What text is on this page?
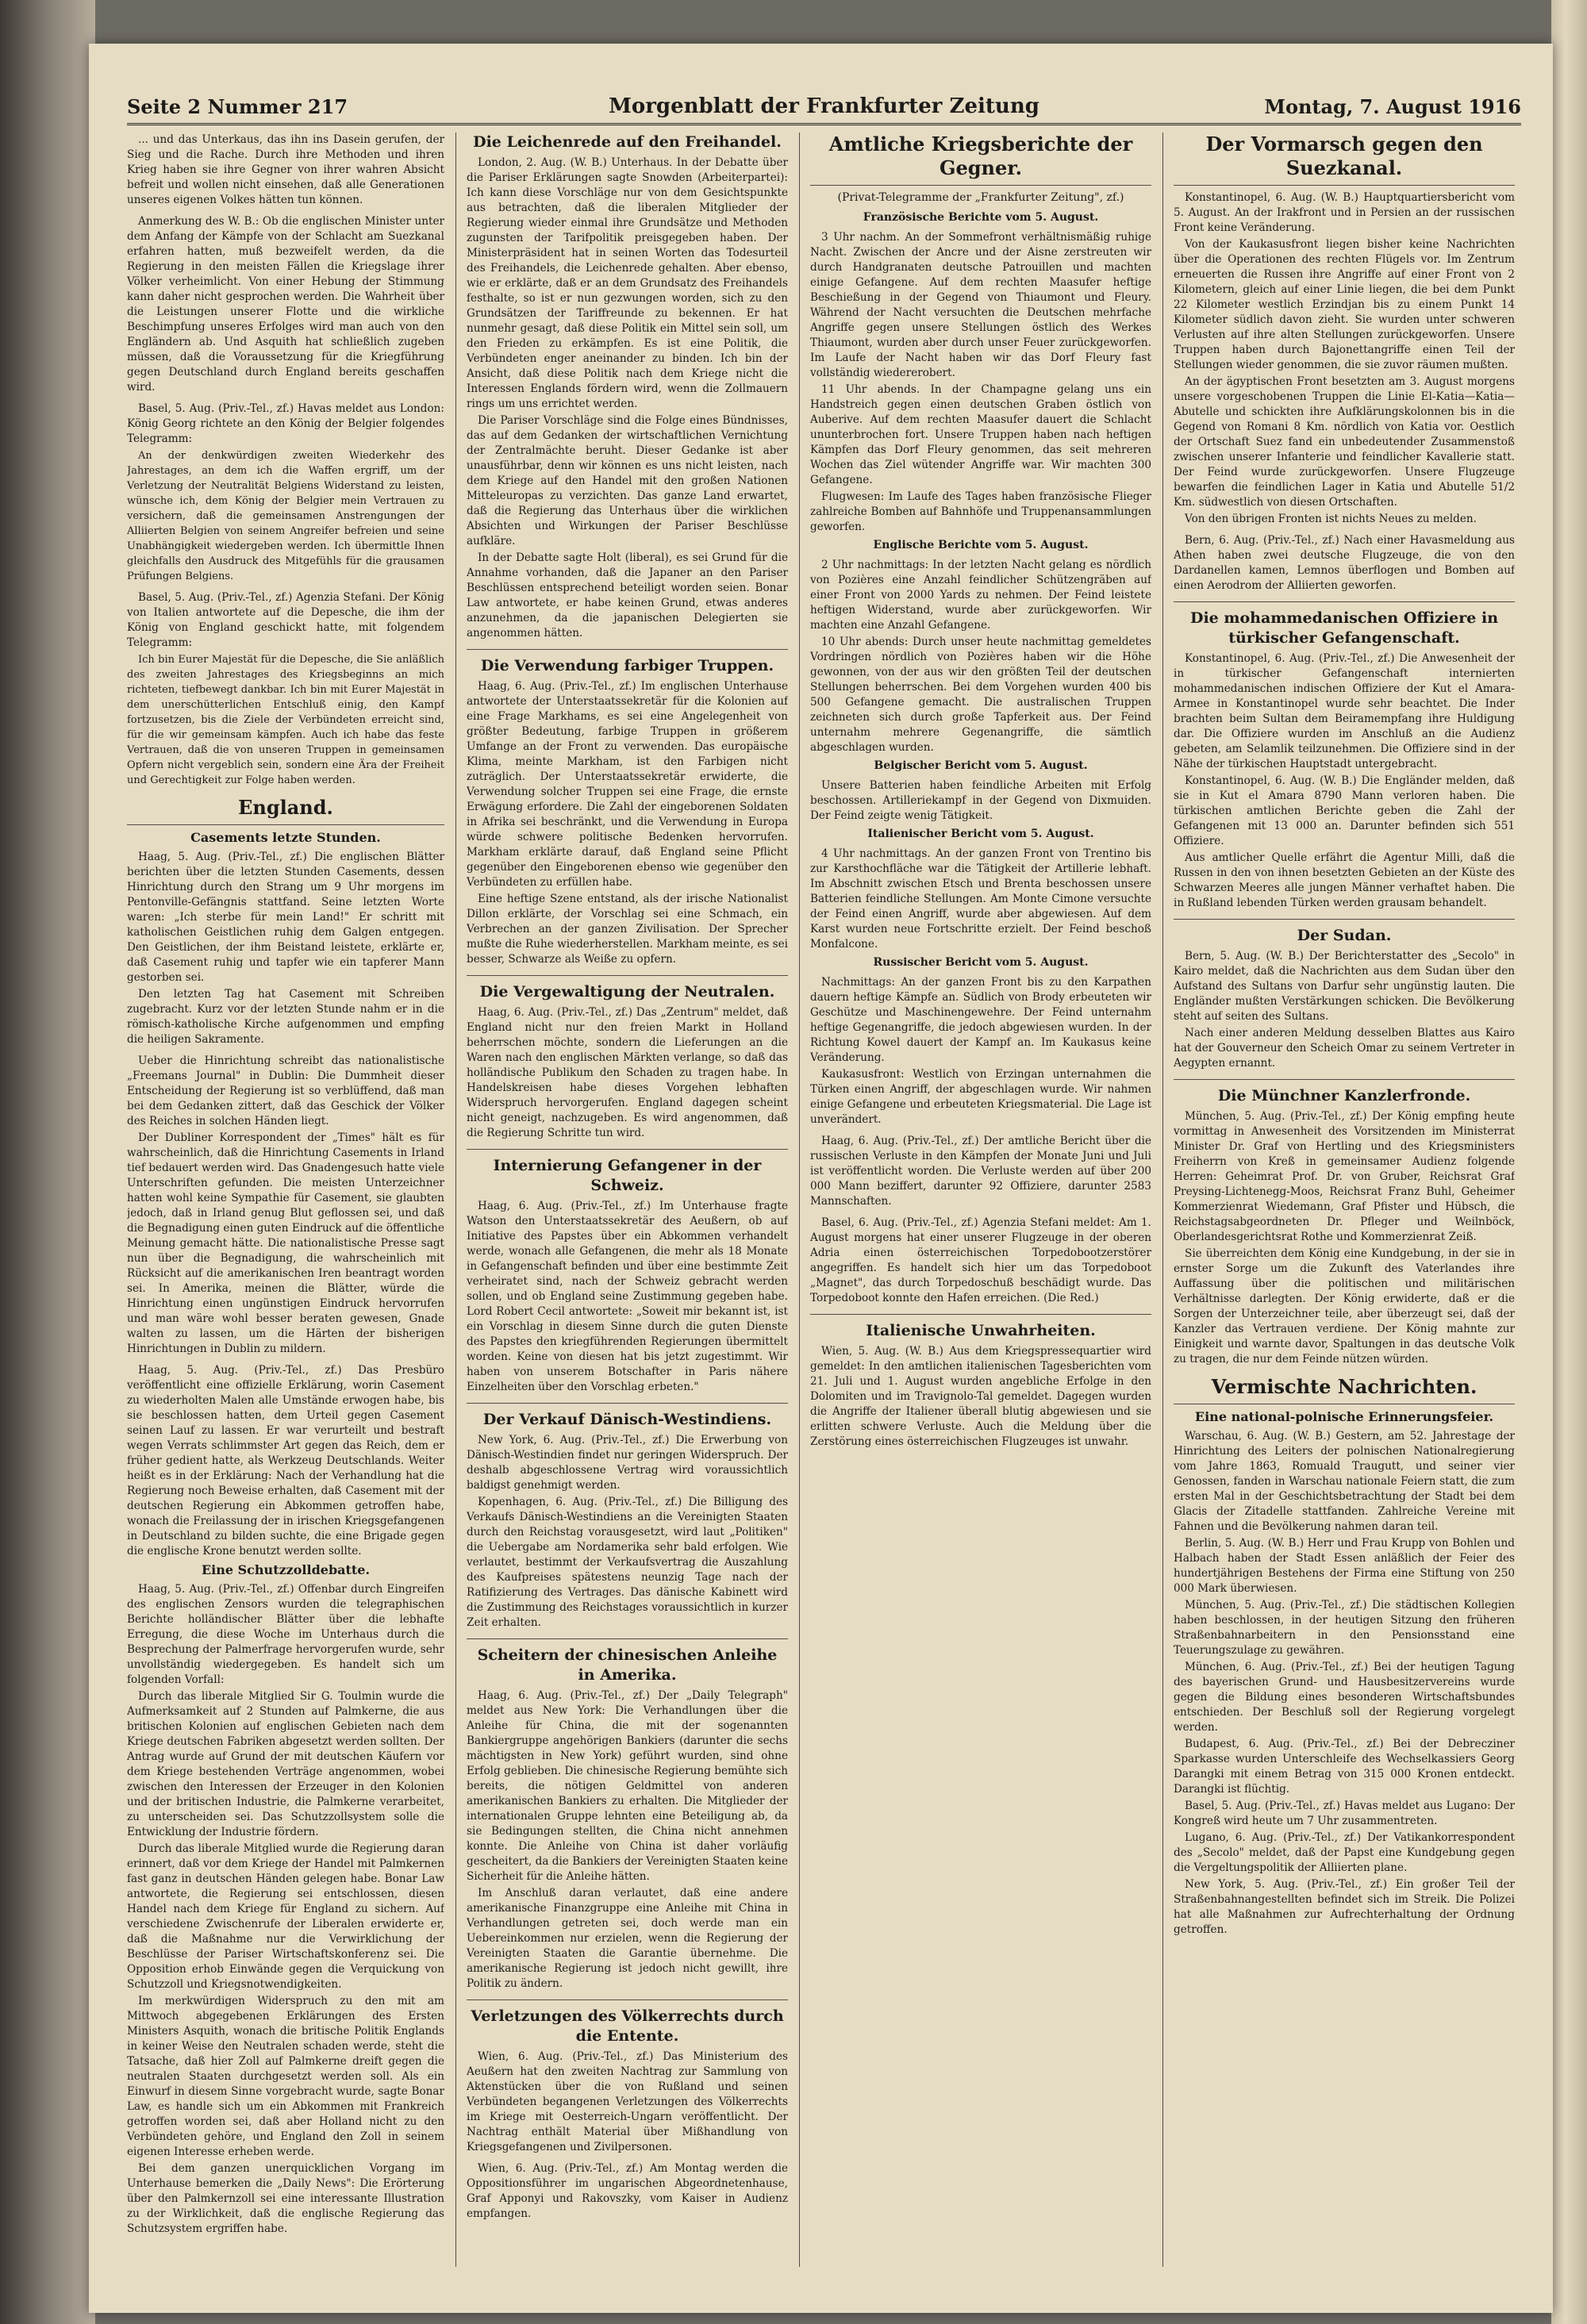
Seite 2 Nummer 217	Morgenblatt der Frankfurter Zeitung	Montag, 7. August 1916

... und das Unterkaus, das ihn ins Dasein gerufen, der Sieg und die Rache. Durch ihre Methoden und ihren Krieg haben sie ihre Gegner von ihrer wahren Absicht befreit und wollen nicht einsehen, daß alle Generationen unseres eigenen Volkes hätten tun können.

Anmerkung des W. B.: Ob die englischen Minister unter dem Anfang der Kämpfe von der Schlacht am Suezkanal erfahren hatten, muß bezweifelt werden, da die Regierung in den meisten Fällen die Kriegslage ihrer Völker verheimlicht. Von einer Hebung der Stimmung kann daher nicht gesprochen werden. Die Wahrheit über die Leistungen unserer Flotte und die wirkliche Beschimpfung unseres Erfolges wird man auch von den Engländern ab. Und Asquith hat schließlich zugeben müssen, daß die Voraussetzung für die Kriegführung gegen Deutschland durch England bereits geschaffen wird.

Basel, 5. Aug. (Priv.-Tel., zf.) Havas meldet aus London: König Georg richtete an den König der Belgier folgendes Telegramm:

An der denkwürdigen zweiten Wiederkehr des Jahrestages, an dem ich die Waffen ergriff, um der Verletzung der Neutralität Belgiens Widerstand zu leisten, wünsche ich, dem König der Belgier mein Vertrauen zu versichern, daß die gemeinsamen Anstrengungen der Alliierten Belgien von seinem Angreifer befreien und seine Unabhängigkeit wiedergeben werden. Ich übermittle Ihnen gleichfalls den Ausdruck des Mitgefühls für die grausamen Prüfungen Belgiens.

Basel, 5. Aug. (Priv.-Tel., zf.) Agenzia Stefani. Der König von Italien antwortete auf die Depesche, die ihm der König von England geschickt hatte, mit folgendem Telegramm:

Ich bin Eurer Majestät für die Depesche, die Sie anläßlich des zweiten Jahrestages des Kriegsbeginns an mich richteten, tiefbewegt dankbar. Ich bin mit Eurer Majestät in dem unerschütterlichen Entschluß einig, den Kampf fortzusetzen, bis die Ziele der Verbündeten erreicht sind, für die wir gemeinsam kämpfen. Auch ich habe das feste Vertrauen, daß die von unseren Truppen in gemeinsamen Opfern nicht vergeblich sein, sondern eine Ära der Freiheit und Gerechtigkeit zur Folge haben werden.

England.
Casements letzte Stunden.

Haag, 5. Aug. (Priv.-Tel., zf.) Die englischen Blätter berichten über die letzten Stunden Casements, dessen Hinrichtung durch den Strang um 9 Uhr morgens im Pentonville-Gefängnis stattfand. Seine letzten Worte waren: „Ich sterbe für mein Land!" Er schritt mit katholischen Geistlichen ruhig dem Galgen entgegen. Den Geistlichen, der ihm Beistand leistete, erklärte er, daß Casement ruhig und tapfer wie ein tapferer Mann gestorben sei.

Den letzten Tag hat Casement mit Schreiben zugebracht. Kurz vor der letzten Stunde nahm er in die römisch-katholische Kirche aufgenommen und empfing die heiligen Sakramente.

Ueber die Hinrichtung schreibt das nationalistische „Freemans Journal" in Dublin: Die Dummheit dieser Entscheidung der Regierung ist so verblüffend, daß man bei dem Gedanken zittert, daß das Geschick der Völker des Reiches in solchen Händen liegt.

Der Dubliner Korrespondent der „Times" hält es für wahrscheinlich, daß die Hinrichtung Casements in Irland tief bedauert werden wird. Das Gnadengesuch hatte viele Unterschriften gefunden. Die meisten Unterzeichner hatten wohl keine Sympathie für Casement, sie glaubten jedoch, daß in Irland genug Blut geflossen sei, und daß die Begnadigung einen guten Eindruck auf die öffentliche Meinung gemacht hätte. Die nationalistische Presse sagt nun über die Begnadigung, die wahrscheinlich mit Rücksicht auf die amerikanischen Iren beantragt worden sei. In Amerika, meinen die Blätter, würde die Hinrichtung einen ungünstigen Eindruck hervorrufen und man wäre wohl besser beraten gewesen, Gnade walten zu lassen, um die Härten der bisherigen Hinrichtungen in Dublin zu mildern.

Haag, 5. Aug. (Priv.-Tel., zf.) Das Presbüro veröffentlicht eine offizielle Erklärung, worin Casement zu wiederholten Malen alle Umstände erwogen habe, bis sie beschlossen hatten, dem Urteil gegen Casement seinen Lauf zu lassen. Er war verurteilt und bestraft wegen Verrats schlimmster Art gegen das Reich, dem er früher gedient hatte, als Werkzeug Deutschlands. Weiter heißt es in der Erklärung: Nach der Verhandlung hat die Regierung noch Beweise erhalten, daß Casement mit der deutschen Regierung ein Abkommen getroffen habe, wonach die Freilassung der in irischen Kriegsgefangenen in Deutschland zu bilden suchte, die eine Brigade gegen die englische Krone benutzt werden sollte.

Eine Schutzzolldebatte.

Haag, 5. Aug. (Priv.-Tel., zf.) Offenbar durch Eingreifen des englischen Zensors wurden die telegraphischen Berichte holländischer Blätter über die lebhafte Erregung, die diese Woche im Unterhaus durch die Besprechung der Palmerfrage hervorgerufen wurde, sehr unvollständig wiedergegeben. Es handelt sich um folgenden Vorfall:

Durch das liberale Mitglied Sir G. Toulmin wurde die Aufmerksamkeit auf 2 Stunden auf Palmkerne, die aus britischen Kolonien auf englischen Gebieten nach dem Kriege deutschen Fabriken abgesetzt werden sollten. Der Antrag wurde auf Grund der mit deutschen Käufern vor dem Kriege bestehenden Verträge angenommen, wobei zwischen den Interessen der Erzeuger in den Kolonien und der britischen Industrie, die Palmkerne verarbeitet, zu unterscheiden sei. Das Schutzzollsystem solle die Entwicklung der Industrie fördern.

Durch das liberale Mitglied wurde die Regierung daran erinnert, daß vor dem Kriege der Handel mit Palmkernen fast ganz in deutschen Händen gelegen habe. Bonar Law antwortete, die Regierung sei entschlossen, diesen Handel nach dem Kriege für England zu sichern. Auf verschiedene Zwischenrufe der Liberalen erwiderte er, daß die Maßnahme nur die Verwirklichung der Beschlüsse der Pariser Wirtschaftskonferenz sei. Die Opposition erhob Einwände gegen die Verquickung von Schutzzoll und Kriegsnotwendigkeiten.

Im merkwürdigen Widerspruch zu den mit am Mittwoch abgegebenen Erklärungen des Ersten Ministers Asquith, wonach die britische Politik Englands in keiner Weise den Neutralen schaden werde, steht die Tatsache, daß hier Zoll auf Palmkerne dreift gegen die neutralen Staaten durchgesetzt werden soll. Als ein Einwurf in diesem Sinne vorgebracht wurde, sagte Bonar Law, es handle sich um ein Abkommen mit Frankreich getroffen worden sei, daß aber Holland nicht zu den Verbündeten gehöre, und England den Zoll in seinem eigenen Interesse erheben werde.

Bei dem ganzen unerquicklichen Vorgang im Unterhause bemerken die „Daily News": Die Erörterung über den Palmkernzoll sei eine interessante Illustration zu der Wirklichkeit, daß die englische Regierung das Schutzsystem ergriffen habe.

Die Leichenrede auf den Freihandel.

London, 2. Aug. (W. B.) Unterhaus. In der Debatte über die Pariser Erklärungen sagte Snowden (Arbeiterpartei): Ich kann diese Vorschläge nur von dem Gesichtspunkte aus betrachten, daß die liberalen Mitglieder der Regierung wieder einmal ihre Grundsätze und Methoden zugunsten der Tarifpolitik preisgegeben haben. Der Ministerpräsident hat in seinen Worten das Todesurteil des Freihandels, die Leichenrede gehalten. Aber ebenso, wie er erklärte, daß er an dem Grundsatz des Freihandels festhalte, so ist er nun gezwungen worden, sich zu den Grundsätzen der Tariffreunde zu bekennen. Er hat nunmehr gesagt, daß diese Politik ein Mittel sein soll, um den Frieden zu erkämpfen. Es ist eine Politik, die Verbündeten enger aneinander zu binden. Ich bin der Ansicht, daß diese Politik nach dem Kriege nicht die Interessen Englands fördern wird, wenn die Zollmauern rings um uns errichtet werden.

Die Pariser Vorschläge sind die Folge eines Bündnisses, das auf dem Gedanken der wirtschaftlichen Vernichtung der Zentralmächte beruht. Dieser Gedanke ist aber unausführbar, denn wir können es uns nicht leisten, nach dem Kriege auf den Handel mit den großen Nationen Mitteleuropas zu verzichten. Das ganze Land erwartet, daß die Regierung das Unterhaus über die wirklichen Absichten und Wirkungen der Pariser Beschlüsse aufkläre.

In der Debatte sagte Holt (liberal), es sei Grund für die Annahme vorhanden, daß die Japaner an den Pariser Beschlüssen entsprechend beteiligt worden seien. Bonar Law antwortete, er habe keinen Grund, etwas anderes anzunehmen, da die japanischen Delegierten sie angenommen hätten.

Die Verwendung farbiger Truppen.

Haag, 6. Aug. (Priv.-Tel., zf.) Im englischen Unterhause antwortete der Unterstaatssekretär für die Kolonien auf eine Frage Markhams, es sei eine Angelegenheit von größter Bedeutung, farbige Truppen in größerem Umfange an der Front zu verwenden. Das europäische Klima, meinte Markham, ist den Farbigen nicht zuträglich. Der Unterstaatssekretär erwiderte, die Verwendung solcher Truppen sei eine Frage, die ernste Erwägung erfordere. Die Zahl der eingeborenen Soldaten in Afrika sei beschränkt, und die Verwendung in Europa würde schwere politische Bedenken hervorrufen. Markham erklärte darauf, daß England seine Pflicht gegenüber den Eingeborenen ebenso wie gegenüber den Verbündeten zu erfüllen habe.

Eine heftige Szene entstand, als der irische Nationalist Dillon erklärte, der Vorschlag sei eine Schmach, ein Verbrechen an der ganzen Zivilisation. Der Sprecher mußte die Ruhe wiederherstellen. Markham meinte, es sei besser, Schwarze als Weiße zu opfern.

Die Vergewaltigung der Neutralen.

Haag, 6. Aug. (Priv.-Tel., zf.) Das „Zentrum" meldet, daß England nicht nur den freien Markt in Holland beherrschen möchte, sondern die Lieferungen an die Waren nach den englischen Märkten verlange, so daß das holländische Publikum den Schaden zu tragen habe. In Handelskreisen habe dieses Vorgehen lebhaften Widerspruch hervorgerufen. England dagegen scheint nicht geneigt, nachzugeben. Es wird angenommen, daß die Regierung Schritte tun wird.

Internierung Gefangener in der Schweiz.

Haag, 6. Aug. (Priv.-Tel., zf.) Im Unterhause fragte Watson den Unterstaatssekretär des Aeußern, ob auf Initiative des Papstes über ein Abkommen verhandelt werde, wonach alle Gefangenen, die mehr als 18 Monate in Gefangenschaft befinden und über eine bestimmte Zeit verheiratet sind, nach der Schweiz gebracht werden sollen, und ob England seine Zustimmung gegeben habe. Lord Robert Cecil antwortete: „Soweit mir bekannt ist, ist ein Vorschlag in diesem Sinne durch die guten Dienste des Papstes den kriegführenden Regierungen übermittelt worden. Keine von diesen hat bis jetzt zugestimmt. Wir haben von unserem Botschafter in Paris nähere Einzelheiten über den Vorschlag erbeten."

Der Verkauf Dänisch-Westindiens.

New York, 6. Aug. (Priv.-Tel., zf.) Die Erwerbung von Dänisch-Westindien findet nur geringen Widerspruch. Der deshalb abgeschlossene Vertrag wird voraussichtlich baldigst genehmigt werden.

Kopenhagen, 6. Aug. (Priv.-Tel., zf.) Die Billigung des Verkaufs Dänisch-Westindiens an die Vereinigten Staaten durch den Reichstag vorausgesetzt, wird laut „Politiken" die Uebergabe am Nordamerika sehr bald erfolgen. Wie verlautet, bestimmt der Verkaufsvertrag die Auszahlung des Kaufpreises spätestens neunzig Tage nach der Ratifizierung des Vertrages. Das dänische Kabinett wird die Zustimmung des Reichstages voraussichtlich in kurzer Zeit erhalten.

Scheitern der chinesischen Anleihe in Amerika.

Haag, 6. Aug. (Priv.-Tel., zf.) Der „Daily Telegraph" meldet aus New York: Die Verhandlungen über die Anleihe für China, die mit der sogenannten Bankiergruppe angehörigen Bankiers (darunter die sechs mächtigsten in New York) geführt wurden, sind ohne Erfolg geblieben. Die chinesische Regierung bemühte sich bereits, die nötigen Geldmittel von anderen amerikanischen Bankiers zu erhalten. Die Mitglieder der internationalen Gruppe lehnten eine Beteiligung ab, da sie Bedingungen stellten, die China nicht annehmen konnte. Die Anleihe von China ist daher vorläufig gescheitert, da die Bankiers der Vereinigten Staaten keine Sicherheit für die Anleihe hätten.

Im Anschluß daran verlautet, daß eine andere amerikanische Finanzgruppe eine Anleihe mit China in Verhandlungen getreten sei, doch werde man ein Uebereinkommen nur erzielen, wenn die Regierung der Vereinigten Staaten die Garantie übernehme. Die amerikanische Regierung ist jedoch nicht gewillt, ihre Politik zu ändern.

Verletzungen des Völkerrechts durch die Entente.

Wien, 6. Aug. (Priv.-Tel., zf.) Das Ministerium des Aeußern hat den zweiten Nachtrag zur Sammlung von Aktenstücken über die von Rußland und seinen Verbündeten begangenen Verletzungen des Völkerrechts im Kriege mit Oesterreich-Ungarn veröffentlicht. Der Nachtrag enthält Material über Mißhandlung von Kriegsgefangenen und Zivilpersonen.

Wien, 6. Aug. (Priv.-Tel., zf.) Am Montag werden die Oppositionsführer im ungarischen Abgeordnetenhause, Graf Apponyi und Rakovszky, vom Kaiser in Audienz empfangen.

Amtliche Kriegsberichte der Gegner.
(Privat-Telegramme der „Frankfurter Zeitung", zf.)
Französische Berichte vom 5. August.

3 Uhr nachm. An der Sommefront verhältnismäßig ruhige Nacht. Zwischen der Ancre und der Aisne zerstreuten wir durch Handgranaten deutsche Patrouillen und machten einige Gefangene. Auf dem rechten Maasufer heftige Beschießung in der Gegend von Thiaumont und Fleury. Während der Nacht versuchten die Deutschen mehrfache Angriffe gegen unsere Stellungen östlich des Werkes Thiaumont, wurden aber durch unser Feuer zurückgeworfen. Im Laufe der Nacht haben wir das Dorf Fleury fast vollständig wiedererobert.

11 Uhr abends. In der Champagne gelang uns ein Handstreich gegen einen deutschen Graben östlich von Auberive. Auf dem rechten Maasufer dauert die Schlacht ununterbrochen fort. Unsere Truppen haben nach heftigen Kämpfen das Dorf Fleury genommen, das seit mehreren Wochen das Ziel wütender Angriffe war. Wir machten 300 Gefangene.

Flugwesen: Im Laufe des Tages haben französische Flieger zahlreiche Bomben auf Bahnhöfe und Truppenansammlungen geworfen.

Englische Berichte vom 5. August.

2 Uhr nachmittags: In der letzten Nacht gelang es nördlich von Pozières eine Anzahl feindlicher Schützengräben auf einer Front von 2000 Yards zu nehmen. Der Feind leistete heftigen Widerstand, wurde aber zurückgeworfen. Wir machten eine Anzahl Gefangene.

10 Uhr abends: Durch unser heute nachmittag gemeldetes Vordringen nördlich von Pozières haben wir die Höhe gewonnen, von der aus wir den größten Teil der deutschen Stellungen beherrschen. Bei dem Vorgehen wurden 400 bis 500 Gefangene gemacht. Die australischen Truppen zeichneten sich durch große Tapferkeit aus. Der Feind unternahm mehrere Gegenangriffe, die sämtlich abgeschlagen wurden.

Belgischer Bericht vom 5. August.

Unsere Batterien haben feindliche Arbeiten mit Erfolg beschossen. Artilleriekampf in der Gegend von Dixmuiden. Der Feind zeigte wenig Tätigkeit.

Italienischer Bericht vom 5. August.

4 Uhr nachmittags. An der ganzen Front von Trentino bis zur Karsthochfläche war die Tätigkeit der Artillerie lebhaft. Im Abschnitt zwischen Etsch und Brenta beschossen unsere Batterien feindliche Stellungen. Am Monte Cimone versuchte der Feind einen Angriff, wurde aber abgewiesen. Auf dem Karst wurden neue Fortschritte erzielt. Der Feind beschoß Monfalcone.

Russischer Bericht vom 5. August.

Nachmittags: An der ganzen Front bis zu den Karpathen dauern heftige Kämpfe an. Südlich von Brody erbeuteten wir Geschütze und Maschinengewehre. Der Feind unternahm heftige Gegenangriffe, die jedoch abgewiesen wurden. In der Richtung Kowel dauert der Kampf an. Im Kaukasus keine Veränderung.

Kaukasusfront: Westlich von Erzingan unternahmen die Türken einen Angriff, der abgeschlagen wurde. Wir nahmen einige Gefangene und erbeuteten Kriegsmaterial. Die Lage ist unverändert.

Haag, 6. Aug. (Priv.-Tel., zf.) Der amtliche Bericht über die russischen Verluste in den Kämpfen der Monate Juni und Juli ist veröffentlicht worden. Die Verluste werden auf über 200 000 Mann beziffert, darunter 92 Offiziere, darunter 2583 Mannschaften.

Basel, 6. Aug. (Priv.-Tel., zf.) Agenzia Stefani meldet: Am 1. August morgens hat einer unserer Flugzeuge in der oberen Adria einen österreichischen Torpedobootzerstörer angegriffen. Es handelt sich hier um das Torpedoboot „Magnet", das durch Torpedoschuß beschädigt wurde. Das Torpedoboot konnte den Hafen erreichen. (Die Red.)

Italienische Unwahrheiten.

Wien, 5. Aug. (W. B.) Aus dem Kriegspressequartier wird gemeldet: In den amtlichen italienischen Tagesberichten vom 21. Juli und 1. August wurden angebliche Erfolge in den Dolomiten und im Travignolo-Tal gemeldet. Dagegen wurden die Angriffe der Italiener überall blutig abgewiesen und sie erlitten schwere Verluste. Auch die Meldung über die Zerstörung eines österreichischen Flugzeuges ist unwahr.

Der Vormarsch gegen den Suezkanal.

Konstantinopel, 6. Aug. (W. B.) Hauptquartiersbericht vom 5. August. An der Irakfront und in Persien an der russischen Front keine Veränderung.

Von der Kaukasusfront liegen bisher keine Nachrichten über die Operationen des rechten Flügels vor. Im Zentrum erneuerten die Russen ihre Angriffe auf einer Front von 2 Kilometern, gleich auf einer Linie liegen, die bei dem Punkt 22 Kilometer westlich Erzindjan bis zu einem Punkt 14 Kilometer südlich davon zieht. Sie wurden unter schweren Verlusten auf ihre alten Stellungen zurückgeworfen. Unsere Truppen haben durch Bajonettangriffe einen Teil der Stellungen wieder genommen, die sie zuvor räumen mußten.

An der ägyptischen Front besetzten am 3. August morgens unsere vorgeschobenen Truppen die Linie El-Katia—Katia—Abutelle und schickten ihre Aufklärungskolonnen bis in die Gegend von Romani 8 Km. nördlich von Katia vor. Oestlich der Ortschaft Suez fand ein unbedeutender Zusammenstoß zwischen unserer Infanterie und feindlicher Kavallerie statt. Der Feind wurde zurückgeworfen. Unsere Flugzeuge bewarfen die feindlichen Lager in Katia und Abutelle 51/2 Km. südwestlich von diesen Ortschaften.

Von den übrigen Fronten ist nichts Neues zu melden.

Bern, 6. Aug. (Priv.-Tel., zf.) Nach einer Havasmeldung aus Athen haben zwei deutsche Flugzeuge, die von den Dardanellen kamen, Lemnos überflogen und Bomben auf einen Aerodrom der Alliierten geworfen.

Die mohammedanischen Offiziere in türkischer Gefangenschaft.

Konstantinopel, 6. Aug. (Priv.-Tel., zf.) Die Anwesenheit der in türkischer Gefangenschaft internierten mohammedanischen indischen Offiziere der Kut el Amara-Armee in Konstantinopel wurde sehr beachtet. Die Inder brachten beim Sultan dem Beiramempfang ihre Huldigung dar. Die Offiziere wurden im Anschluß an die Audienz gebeten, am Selamlik teilzunehmen. Die Offiziere sind in der Nähe der türkischen Hauptstadt untergebracht.

Konstantinopel, 6. Aug. (W. B.) Die Engländer melden, daß sie in Kut el Amara 8790 Mann verloren haben. Die türkischen amtlichen Berichte geben die Zahl der Gefangenen mit 13 000 an. Darunter befinden sich 551 Offiziere.

Aus amtlicher Quelle erfährt die Agentur Milli, daß die Russen in den von ihnen besetzten Gebieten an der Küste des Schwarzen Meeres alle jungen Männer verhaftet haben. Die in Rußland lebenden Türken werden grausam behandelt.

Der Sudan.

Bern, 5. Aug. (W. B.) Der Berichterstatter des „Secolo" in Kairo meldet, daß die Nachrichten aus dem Sudan über den Aufstand des Sultans von Darfur sehr ungünstig lauten. Die Engländer mußten Verstärkungen schicken. Die Bevölkerung steht auf seiten des Sultans.

Nach einer anderen Meldung desselben Blattes aus Kairo hat der Gouverneur den Scheich Omar zu seinem Vertreter in Aegypten ernannt.

Die Münchner Kanzlerfronde.

München, 5. Aug. (Priv.-Tel., zf.) Der König empfing heute vormittag in Anwesenheit des Vorsitzenden im Ministerrat Minister Dr. Graf von Hertling und des Kriegsministers Freiherrn von Kreß in gemeinsamer Audienz folgende Herren: Geheimrat Prof. Dr. von Gruber, Reichsrat Graf Preysing-Lichtenegg-Moos, Reichsrat Franz Buhl, Geheimer Kommerzienrat Wiedemann, Graf Pfister und Hübsch, die Reichstagsabgeordneten Dr. Pfleger und Weilnböck, Oberlandesgerichtsrat Rothe und Kommerzienrat Zeiß.

Sie überreichten dem König eine Kundgebung, in der sie in ernster Sorge um die Zukunft des Vaterlandes ihre Auffassung über die politischen und militärischen Verhältnisse darlegten. Der König erwiderte, daß er die Sorgen der Unterzeichner teile, aber überzeugt sei, daß der Kanzler das Vertrauen verdiene. Der König mahnte zur Einigkeit und warnte davor, Spaltungen in das deutsche Volk zu tragen, die nur dem Feinde nützen würden.

Vermischte Nachrichten.
Eine national-polnische Erinnerungsfeier.

Warschau, 6. Aug. (W. B.) Gestern, am 52. Jahrestage der Hinrichtung des Leiters der polnischen Nationalregierung vom Jahre 1863, Romuald Traugutt, und seiner vier Genossen, fanden in Warschau nationale Feiern statt, die zum ersten Mal in der Geschichtsbetrachtung der Stadt bei dem Glacis der Zitadelle stattfanden. Zahlreiche Vereine mit Fahnen und die Bevölkerung nahmen daran teil.

Berlin, 5. Aug. (W. B.) Herr und Frau Krupp von Bohlen und Halbach haben der Stadt Essen anläßlich der Feier des hundertjährigen Bestehens der Firma eine Stiftung von 250 000 Mark überwiesen.

München, 5. Aug. (Priv.-Tel., zf.) Die städtischen Kollegien haben beschlossen, in der heutigen Sitzung den früheren Straßenbahnarbeitern in den Pensionsstand eine Teuerungszulage zu gewähren.

München, 6. Aug. (Priv.-Tel., zf.) Bei der heutigen Tagung des bayerischen Grund- und Hausbesitzervereins wurde gegen die Bildung eines besonderen Wirtschaftsbundes entschieden. Der Beschluß soll der Regierung vorgelegt werden.

Budapest, 6. Aug. (Priv.-Tel., zf.) Bei der Debrecziner Sparkasse wurden Unterschleife des Wechselkassiers Georg Darangki mit einem Betrag von 315 000 Kronen entdeckt. Darangki ist flüchtig.

Basel, 5. Aug. (Priv.-Tel., zf.) Havas meldet aus Lugano: Der Kongreß wird heute um 7 Uhr zusammentreten.

Lugano, 6. Aug. (Priv.-Tel., zf.) Der Vatikankorrespondent des „Secolo" meldet, daß der Papst eine Kundgebung gegen die Vergeltungspolitik der Alliierten plane.

New York, 5. Aug. (Priv.-Tel., zf.) Ein großer Teil der Straßenbahnangestellten befindet sich im Streik. Die Polizei hat alle Maßnahmen zur Aufrechterhaltung der Ordnung getroffen.
